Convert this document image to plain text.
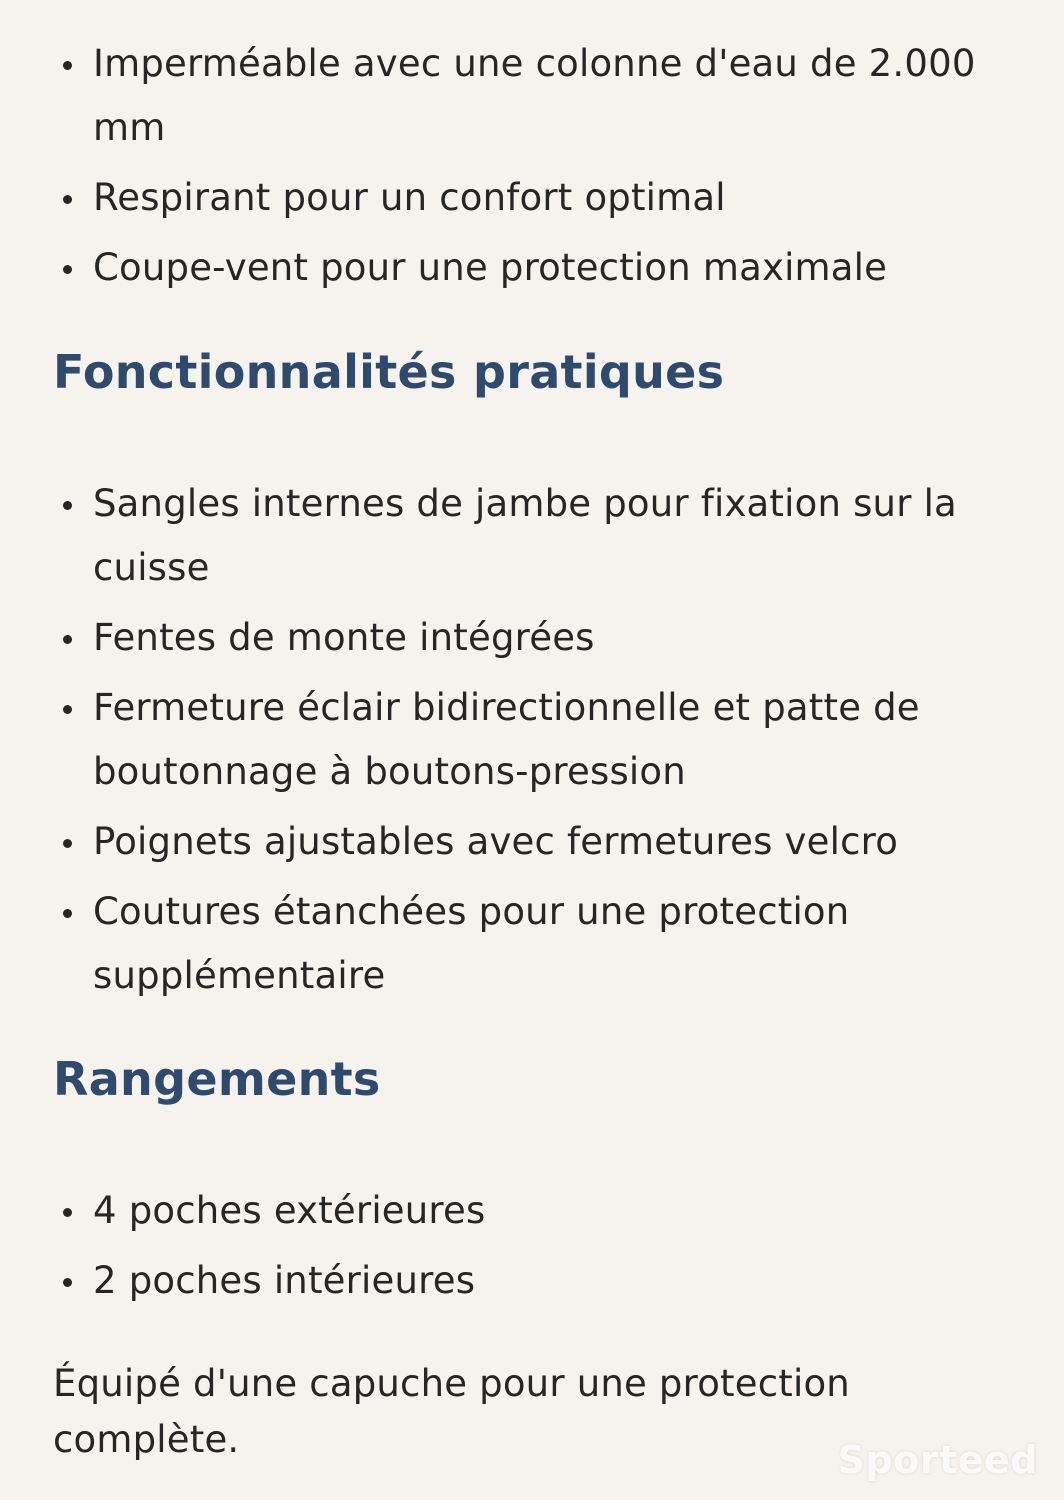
Imperméable avec une colonne d'eau de 2.000 mm
Respirant pour un confort optimal
Coupe-vent pour une protection maximale
Fonctionnalités pratiques
Sangles internes de jambe pour fixation sur la cuisse
Fentes de monte intégrées
Fermeture éclair bidirectionnelle et patte de boutonnage à boutons-pression
Poignets ajustables avec fermetures velcro
Coutures étanchées pour une protection supplémentaire
Rangements
4 poches extérieures
2 poches intérieures

Équipé d'une capuche pour une protection complète.	Sporteed
